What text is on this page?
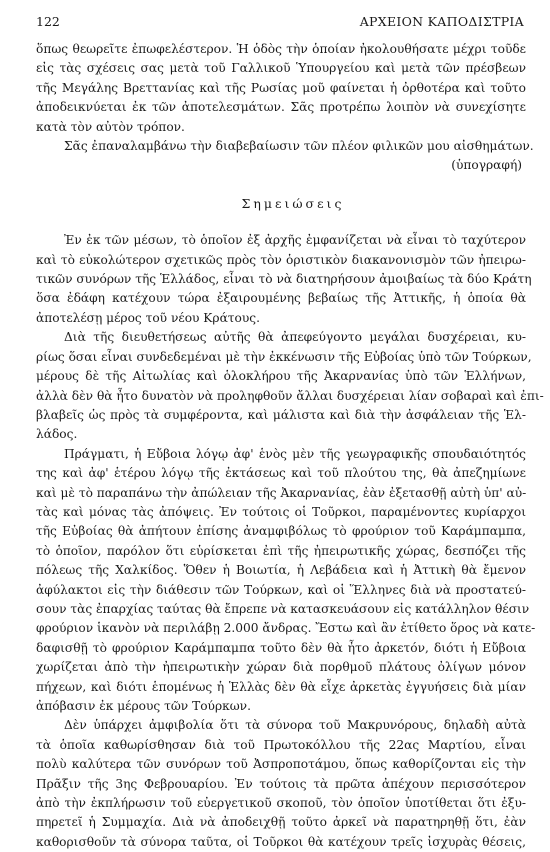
122	ΑΡΧΕΙΟΝ ΚΑΠΟΔΙΣΤΡΙΑ
ὅπως θεωρεῖτε ἐπωφελέστερον. Ἡ ὁδὸς τὴν ὁποίαν ἠκολουθήσατε μέχρι τοῦδε
εἰς τὰς σχέσεις σας μετὰ τοῦ Γαλλικοῦ Ὑπουργείου καὶ μετὰ τῶν πρέσβεων
τῆς Μεγάλης Βρεττανίας καὶ τῆς Ρωσίας μοῦ φαίνεται ἡ ὀρθοτέρα καὶ τοῦτο
ἀποδεικνύεται ἐκ τῶν ἀποτελεσμάτων. Σᾶς προτρέπω λοιπὸν νὰ συνεχίσητε
κατὰ τὸν αὐτὸν τρόπον.
Σᾶς ἐπαναλαμβάνω τὴν διαβεβαίωσιν τῶν πλέον φιλικῶν μου αἰσθημάτων.
(ὑπογραφή)
Σημειώσεις
Ἐν ἐκ τῶν μέσων, τὸ ὁποῖον ἐξ ἀρχῆς ἐμφανίζεται νὰ εἶναι τὸ ταχύτερον
καὶ τὸ εὐκολώτερον σχετικῶς πρὸς τὸν ὁριστικὸν διακανονισμὸν τῶν ἠπειρω-
τικῶν συνόρων τῆς Ἑλλάδος, εἶναι τὸ νὰ διατηρήσουν ἀμοιβαίως τὰ δύο Κράτη
ὅσα ἐδάφη κατέχουν τώρα ἐξαιρουμένης βεβαίως τῆς Ἀττικῆς, ἡ ὁποία θὰ
ἀποτελέσῃ μέρος τοῦ νέου Κράτους.
Διὰ τῆς διευθετήσεως αὐτῆς θὰ ἀπεφεύγοντο μεγάλαι δυσχέρειαι, κυ-
ρίως ὅσαι εἶναι συνδεδεμέναι μὲ τὴν ἐκκένωσιν τῆς Εὐβοίας ὑπὸ τῶν Τούρκων,
μέρους δὲ τῆς Αἰτωλίας καὶ ὁλοκλήρου τῆς Ἀκαρνανίας ὑπὸ τῶν Ἑλλήνων,
ἀλλὰ δὲν θὰ ἦτο δυνατὸν νὰ προληφθοῦν ἄλλαι δυσχέρειαι λίαν σοβαραὶ καὶ ἐπι-
βλαβεῖς ὡς πρὸς τὰ συμφέροντα, καὶ μάλιστα καὶ διὰ τὴν ἀσφάλειαν τῆς Ἑλ-
λάδος.
Πράγματι, ἡ Εὔβοια λόγῳ ἀφ' ἑνὸς μὲν τῆς γεωγραφικῆς σπουδαιότητός
της καὶ ἀφ' ἑτέρου λόγῳ τῆς ἐκτάσεως καὶ τοῦ πλούτου της, θὰ ἀπεζημίωνε
καὶ μὲ τὸ παραπάνω τὴν ἀπώλειαν τῆς Ἀκαρνανίας, ἐὰν ἐξετασθῇ αὐτὴ ὑπ' αὐ-
τὰς καὶ μόνας τὰς ἀπόψεις. Ἐν τούτοις οἱ Τοῦρκοι, παραμένοντες κυρίαρχοι
τῆς Εὐβοίας θὰ ἀπήτουν ἐπίσης ἀναμφιβόλως τὸ φρούριον τοῦ Καράμπαμπα,
τὸ ὁποῖον, παρόλον ὅτι εὑρίσκεται ἐπὶ τῆς ἠπειρωτικῆς χώρας, δεσπόζει τῆς
πόλεως τῆς Χαλκίδος. Ὅθεν ἡ Βοιωτία, ἡ Λεβάδεια καὶ ἡ Ἀττικὴ θὰ ἔμενον
ἀφύλακτοι εἰς τὴν διάθεσιν τῶν Τούρκων, καὶ οἱ Ἕλληνες διὰ νὰ προστατεύ-
σουν τὰς ἐπαρχίας ταύτας θὰ ἔπρεπε νὰ κατασκευάσουν εἰς κατάλληλον θέσιν
φρούριον ἱκανὸν νὰ περιλάβῃ 2.000 ἄνδρας. Ἔστω καὶ ἂν ἐτίθετο ὅρος νὰ κατε-
δαφισθῇ τὸ φρούριον Καράμπαμπα τοῦτο δὲν θὰ ἦτο ἀρκετόν, διότι ἡ Εὔβοια
χωρίζεται ἀπὸ τὴν ἠπειρωτικὴν χώραν διὰ πορθμοῦ πλάτους ὀλίγων μόνον
πήχεων, καὶ διότι ἑπομένως ἡ Ἑλλὰς δὲν θὰ εἶχε ἀρκετὰς ἐγγυήσεις διὰ μίαν
ἀπόβασιν ἐκ μέρους τῶν Τούρκων.
Δὲν ὑπάρχει ἀμφιβολία ὅτι τὰ σύνορα τοῦ Μακρυνόρους, δηλαδὴ αὐτὰ
τὰ ὁποῖα καθωρίσθησαν διὰ τοῦ Πρωτοκόλλου τῆς 22ας Μαρτίου, εἶναι
πολὺ καλύτερα τῶν συνόρων τοῦ Ἀσπροποτάμου, ὅπως καθορίζονται εἰς τὴν
Πρᾶξιν τῆς 3ης Φεβρουαρίου. Ἐν τούτοις τὰ πρῶτα ἀπέχουν περισσότερον
ἀπὸ τὴν ἐκπλήρωσιν τοῦ εὐεργετικοῦ σκοποῦ, τὸν ὁποῖον ὑποτίθεται ὅτι ἐξυ-
πηρετεῖ ἡ Συμμαχία. Διὰ νὰ ἀποδειχθῇ τοῦτο ἀρκεῖ νὰ παρατηρηθῇ ὅτι, ἐὰν
καθορισθοῦν τὰ σύνορα ταῦτα, οἱ Τοῦρκοι θὰ κατέχουν τρεῖς ἰσχυρὰς θέσεις,
